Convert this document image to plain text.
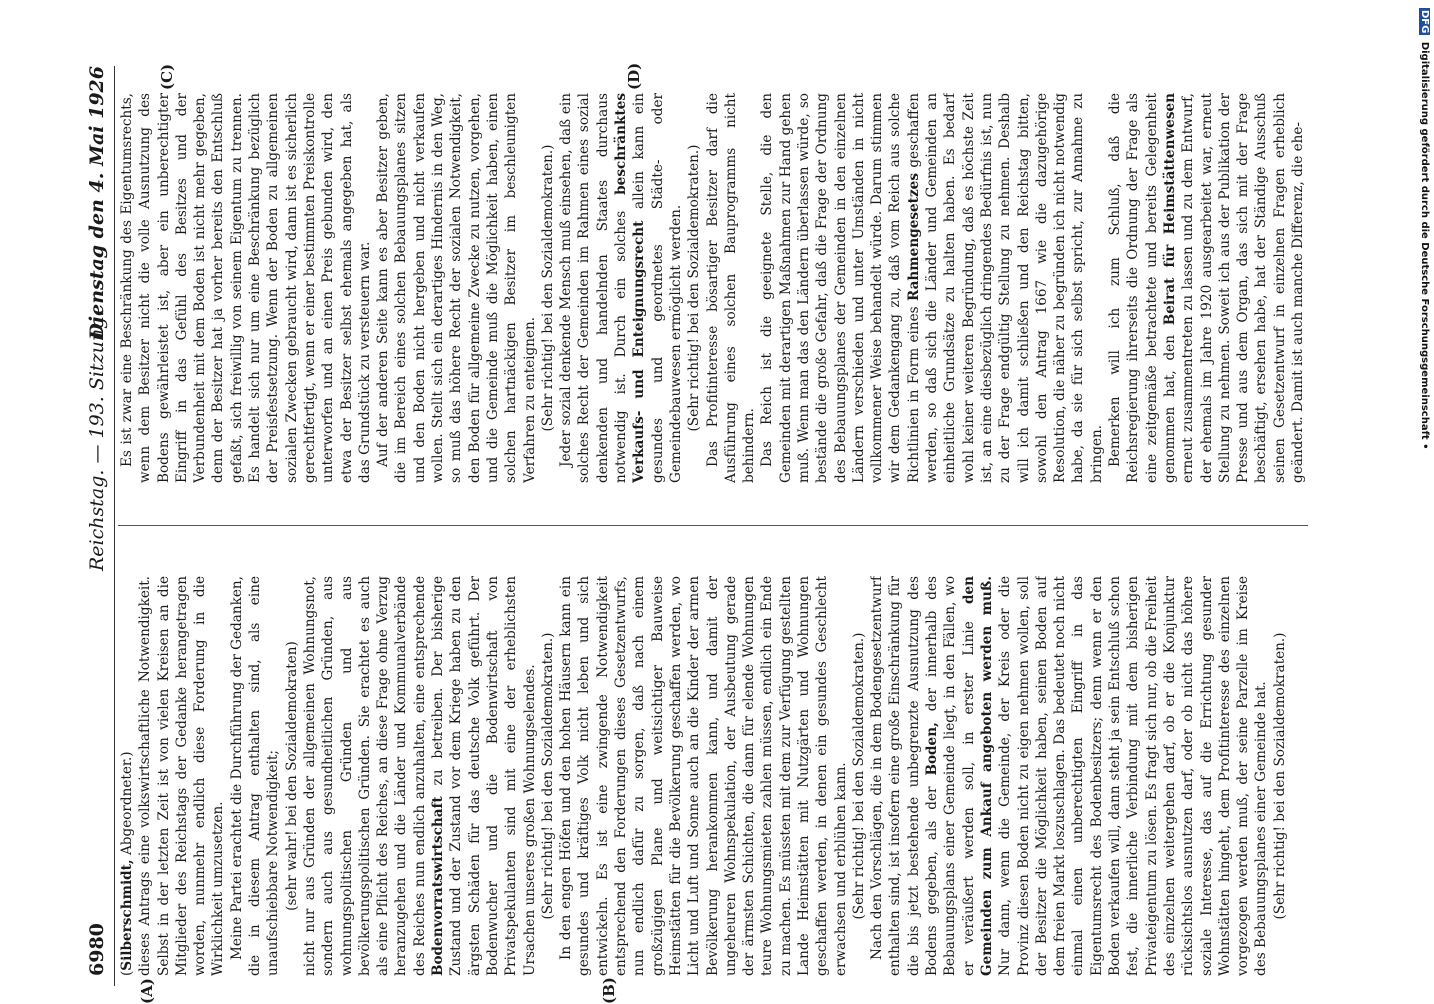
6980
Reichstag. — 193. Sitzung.
Dienstag den 4. Mai 1926
(A)	(B)
(C)	(D)

(Silberschmidt, Abgeordneter.) dieses Antrags eine volkswirtschaftliche Notwendigkeit. Selbst in der letzten Zeit ist von vielen Kreisen an die Mitglieder des Reichstags der Gedanke herangetragen worden, nunmehr endlich diese Forderung in die Wirklichkeit umzusetzen. Meine Partei erachtet die Durchführung der Gedanken, die in diesem Antrag enthalten sind, als eine unaufschiebbare Notwendigkeit; (sehr wahr! bei den Sozialdemokraten) nicht nur aus Gründen der allgemeinen Wohnungsnot, sondern auch aus gesundheitlichen Gründen, aus wohnungspolitischen Gründen und aus bevölkerungspolitischen Gründen. Sie erachtet es auch als eine Pflicht des Reiches, an diese Frage ohne Verzug heranzugehen und die Länder und Kommunalverbände des Reiches nun endlich anzuhalten, eine entsprechende Bodenvorratswirtschaft zu betreiben. Der bisherige Zustand und der Zustand vor dem Kriege haben zu den ärgsten Schäden für das deutsche Volk geführt. Der Bodenwucher und die Bodenwirtschaft von Privatspekulanten sind mit eine der erheblichsten Ursachen unseres großen Wohnungselendes. (Sehr richtig! bei den Sozialdemokraten.) In den engen Höfen und den hohen Häusern kann ein gesundes und kräftiges Volk nicht leben und sich entwickeln. Es ist eine zwingende Notwendigkeit entsprechend den Forderungen dieses Gesetzentwurfs, nun endlich dafür zu sorgen, daß nach einem großzügigen Plane und weitsichtiger Bauweise Heimstätten für die Bevölkerung geschaffen werden, wo Licht und Luft und Sonne auch an die Kinder der armen Bevölkerung herankommen kann, und damit der ungeheuren Wohnspekulation, der Ausbeutung gerade der ärmsten Schichten, die dann für elende Wohnungen teure Wohnungsmieten zahlen müssen, endlich ein Ende zu machen. Es müssten mit dem zur Verfügung gestellten Lande Heimstätten mit Nutzgärten und Wohnungen geschaffen werden, in denen ein gesundes Geschlecht erwachsen und erblühen kann. (Sehr richtig! bei den Sozialdemokraten.) Nach den Vorschlägen, die in dem Bodengesetzentwurf enthalten sind, ist insofern eine große Einschränkung für die bis jetzt bestehende unbegrenzte Ausnutzung des Bodens gegeben, als der Boden, der innerhalb des Bebauungsplans einer Gemeinde liegt, in den Fällen, wo er veräußert werden soll, in erster Linie den Gemeinden zum Ankauf angeboten werden muß. Nur dann, wenn die Gemeinde, der Kreis oder die Provinz diesen Boden nicht zu eigen nehmen wollen, soll der Besitzer die Möglichkeit haben, seinen Boden auf dem freien Markt loszuschlagen. Das bedeutet noch nicht einmal einen unberechtigten Eingriff in das Eigentumsrecht des Bodenbesitzers; denn wenn er den Boden verkaufen will, dann steht ja sein Entschluß schon fest, die innerliche Verbindung mit dem bisherigen Privateigentum zu lösen. Es fragt sich nur, ob die Freiheit des einzelnen weitergehen darf, ob er die Konjunktur rücksichtslos ausnutzen darf, oder ob nicht das höhere soziale Interesse, das auf die Errichtung gesunder Wohnstätten hingeht, dem Profitinteresse des einzelnen vorgezogen werden muß, der seine Parzelle im Kreise des Bebauungsplanes einer Gemeinde hat. (Sehr richtig! bei den Sozialdemokraten.)

Es ist zwar eine Beschränkung des Eigentumsrechts, wenn dem Besitzer nicht die volle Ausnutzung des Bodens gewährleistet ist, aber ein unberechtigter Eingriff in das Gefühl des Besitzes und der Verbundenheit mit dem Boden ist nicht mehr gegeben, denn der Besitzer hat ja vorher bereits den Entschluß gefaßt, sich freiwillig von seinem Eigentum zu trennen. Es handelt sich nur um eine Beschränkung bezüglich der Preisfestsetzung. Wenn der Boden zu allgemeinen sozialen Zwecken gebraucht wird, dann ist es sicherlich gerechtfertigt, wenn er einer bestimmten Preiskontrolle unterworfen und an einen Preis gebunden wird, den etwa der Besitzer selbst ehemals angegeben hat, als das Grundstück zu versteuern war. Auf der anderen Seite kann es aber Besitzer geben, die im Bereich eines solchen Bebauungsplanes sitzen und den Boden nicht hergeben und nicht verkaufen wollen. Stellt sich ein derartiges Hindernis in den Weg, so muß das höhere Recht der sozialen Notwendigkeit, den Boden für allgemeine Zwecke zu nutzen, vorgehen, und die Gemeinde muß die Möglichkeit haben, einen solchen hartnäckigen Besitzer im beschleunigten Verfahren zu enteignen. (Sehr richtig! bei den Sozialdemokraten.) Jeder sozial denkende Mensch muß einsehen, daß ein solches Recht der Gemeinden im Rahmen eines sozial denkenden und handelnden Staates durchaus notwendig ist. Durch ein solches beschränktes Verkaufs- und Enteignungsrecht allein kann ein gesundes und geordnetes Städte- oder Gemeindebauwesen ermöglicht werden. (Sehr richtig! bei den Sozialdemokraten.) Das Profitinteresse bösartiger Besitzer darf die Ausführung eines solchen Bauprogramms nicht behindern. Das Reich ist die geeignete Stelle, die den Gemeinden mit derartigen Maßnahmen zur Hand gehen muß. Wenn man das den Ländern überlassen würde, so bestände die große Gefahr, daß die Frage der Ordnung des Bebauungsplanes der Gemeinden in den einzelnen Ländern verschieden und unter Umständen in nicht vollkommener Weise behandelt würde. Darum stimmen wir dem Gedankengang zu, daß vom Reich aus solche Richtlinien in Form eines Rahmengesetzes geschaffen werden, so daß sich die Länder und Gemeinden an einheitliche Grundsätze zu halten haben. Es bedarf wohl keiner weiteren Begründung, daß es höchste Zeit ist, an eine diesbezüglich dringendes Bedürfnis ist, nun zu der Frage endgültig Stellung zu nehmen. Deshalb will ich damit schließen und den Reichstag bitten, sowohl den Antrag 1667 wie die dazugehörige Resolution, die näher zu begründen ich nicht notwendig habe, da sie für sich selbst spricht, zur Annahme zu bringen. Bemerken will ich zum Schluß, daß die Reichsregierung ihrerseits die Ordnung der Frage als eine zeitgemäße betrachtete und bereits Gelegenheit genommen hat, den Beirat für Heimstättenwesen erneut zusammentreten zu lassen und zu dem Entwurf, der ehemals im Jahre 1920 ausgearbeitet war, erneut Stellung zu nehmen. Soweit ich aus der Publikation der Presse und aus dem Organ, das sich mit der Frage beschäftigt, ersehen habe, hat der Ständige Ausschuß seinen Gesetzentwurf in einzelnen Fragen erheblich geändert. Damit ist auch manche Differenz, die ehe-

DFG Digitalisierung gefördert durch die Deutsche Forschungsgemeinschaft •
